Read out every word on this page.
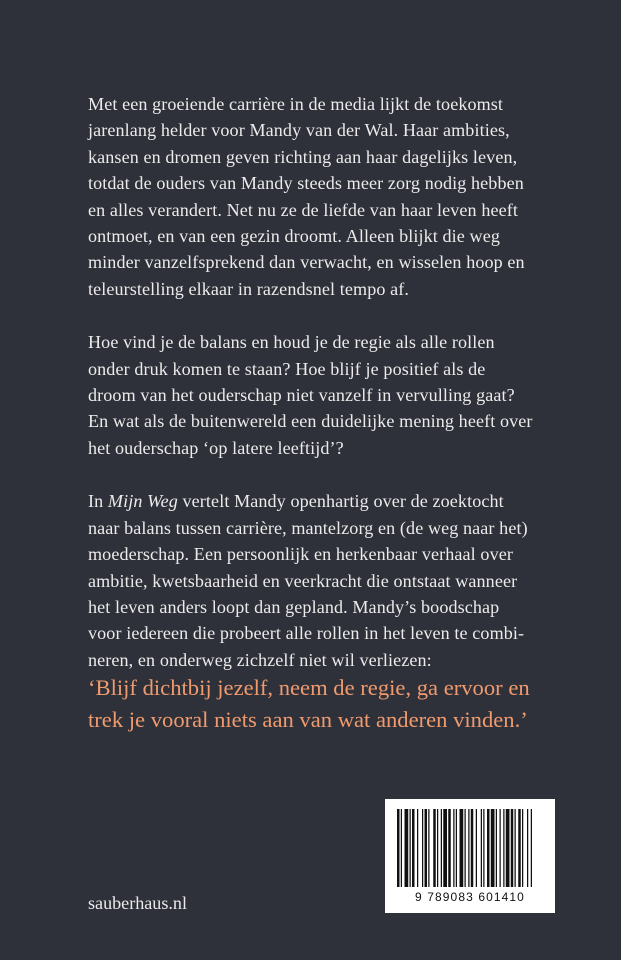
Met een groeiende carrière in de media lijkt de toekomst
jarenlang helder voor Mandy van der Wal. Haar ambities,
kansen en dromen geven richting aan haar dagelijks leven,
totdat de ouders van Mandy steeds meer zorg nodig hebben
en alles verandert. Net nu ze de liefde van haar leven heeft
ontmoet, en van een gezin droomt. Alleen blijkt die weg
minder vanzelfsprekend dan verwacht, en wisselen hoop en
teleurstelling elkaar in razendsnel tempo af.

Hoe vind je de balans en houd je de regie als alle rollen
onder druk komen te staan? Hoe blijf je positief als de
droom van het ouderschap niet vanzelf in vervulling gaat?
En wat als de buitenwereld een duidelijke mening heeft over
het ouderschap ‘op latere leeftijd’?

In Mijn Weg vertelt Mandy openhartig over de zoektocht
naar balans tussen carrière, mantelzorg en (de weg naar het)
moederschap. Een persoonlijk en herkenbaar verhaal over
ambitie, kwetsbaarheid en veerkracht die ontstaat wanneer
het leven anders loopt dan gepland. Mandy’s boodschap
voor iedereen die probeert alle rollen in het leven te combi-
neren, en onderweg zichzelf niet wil verliezen:

‘Blijf dichtbij jezelf, neem de regie, ga ervoor en
trek je vooral niets aan van wat anderen vinden.’
sauberhaus.nl	9 789083 601410
